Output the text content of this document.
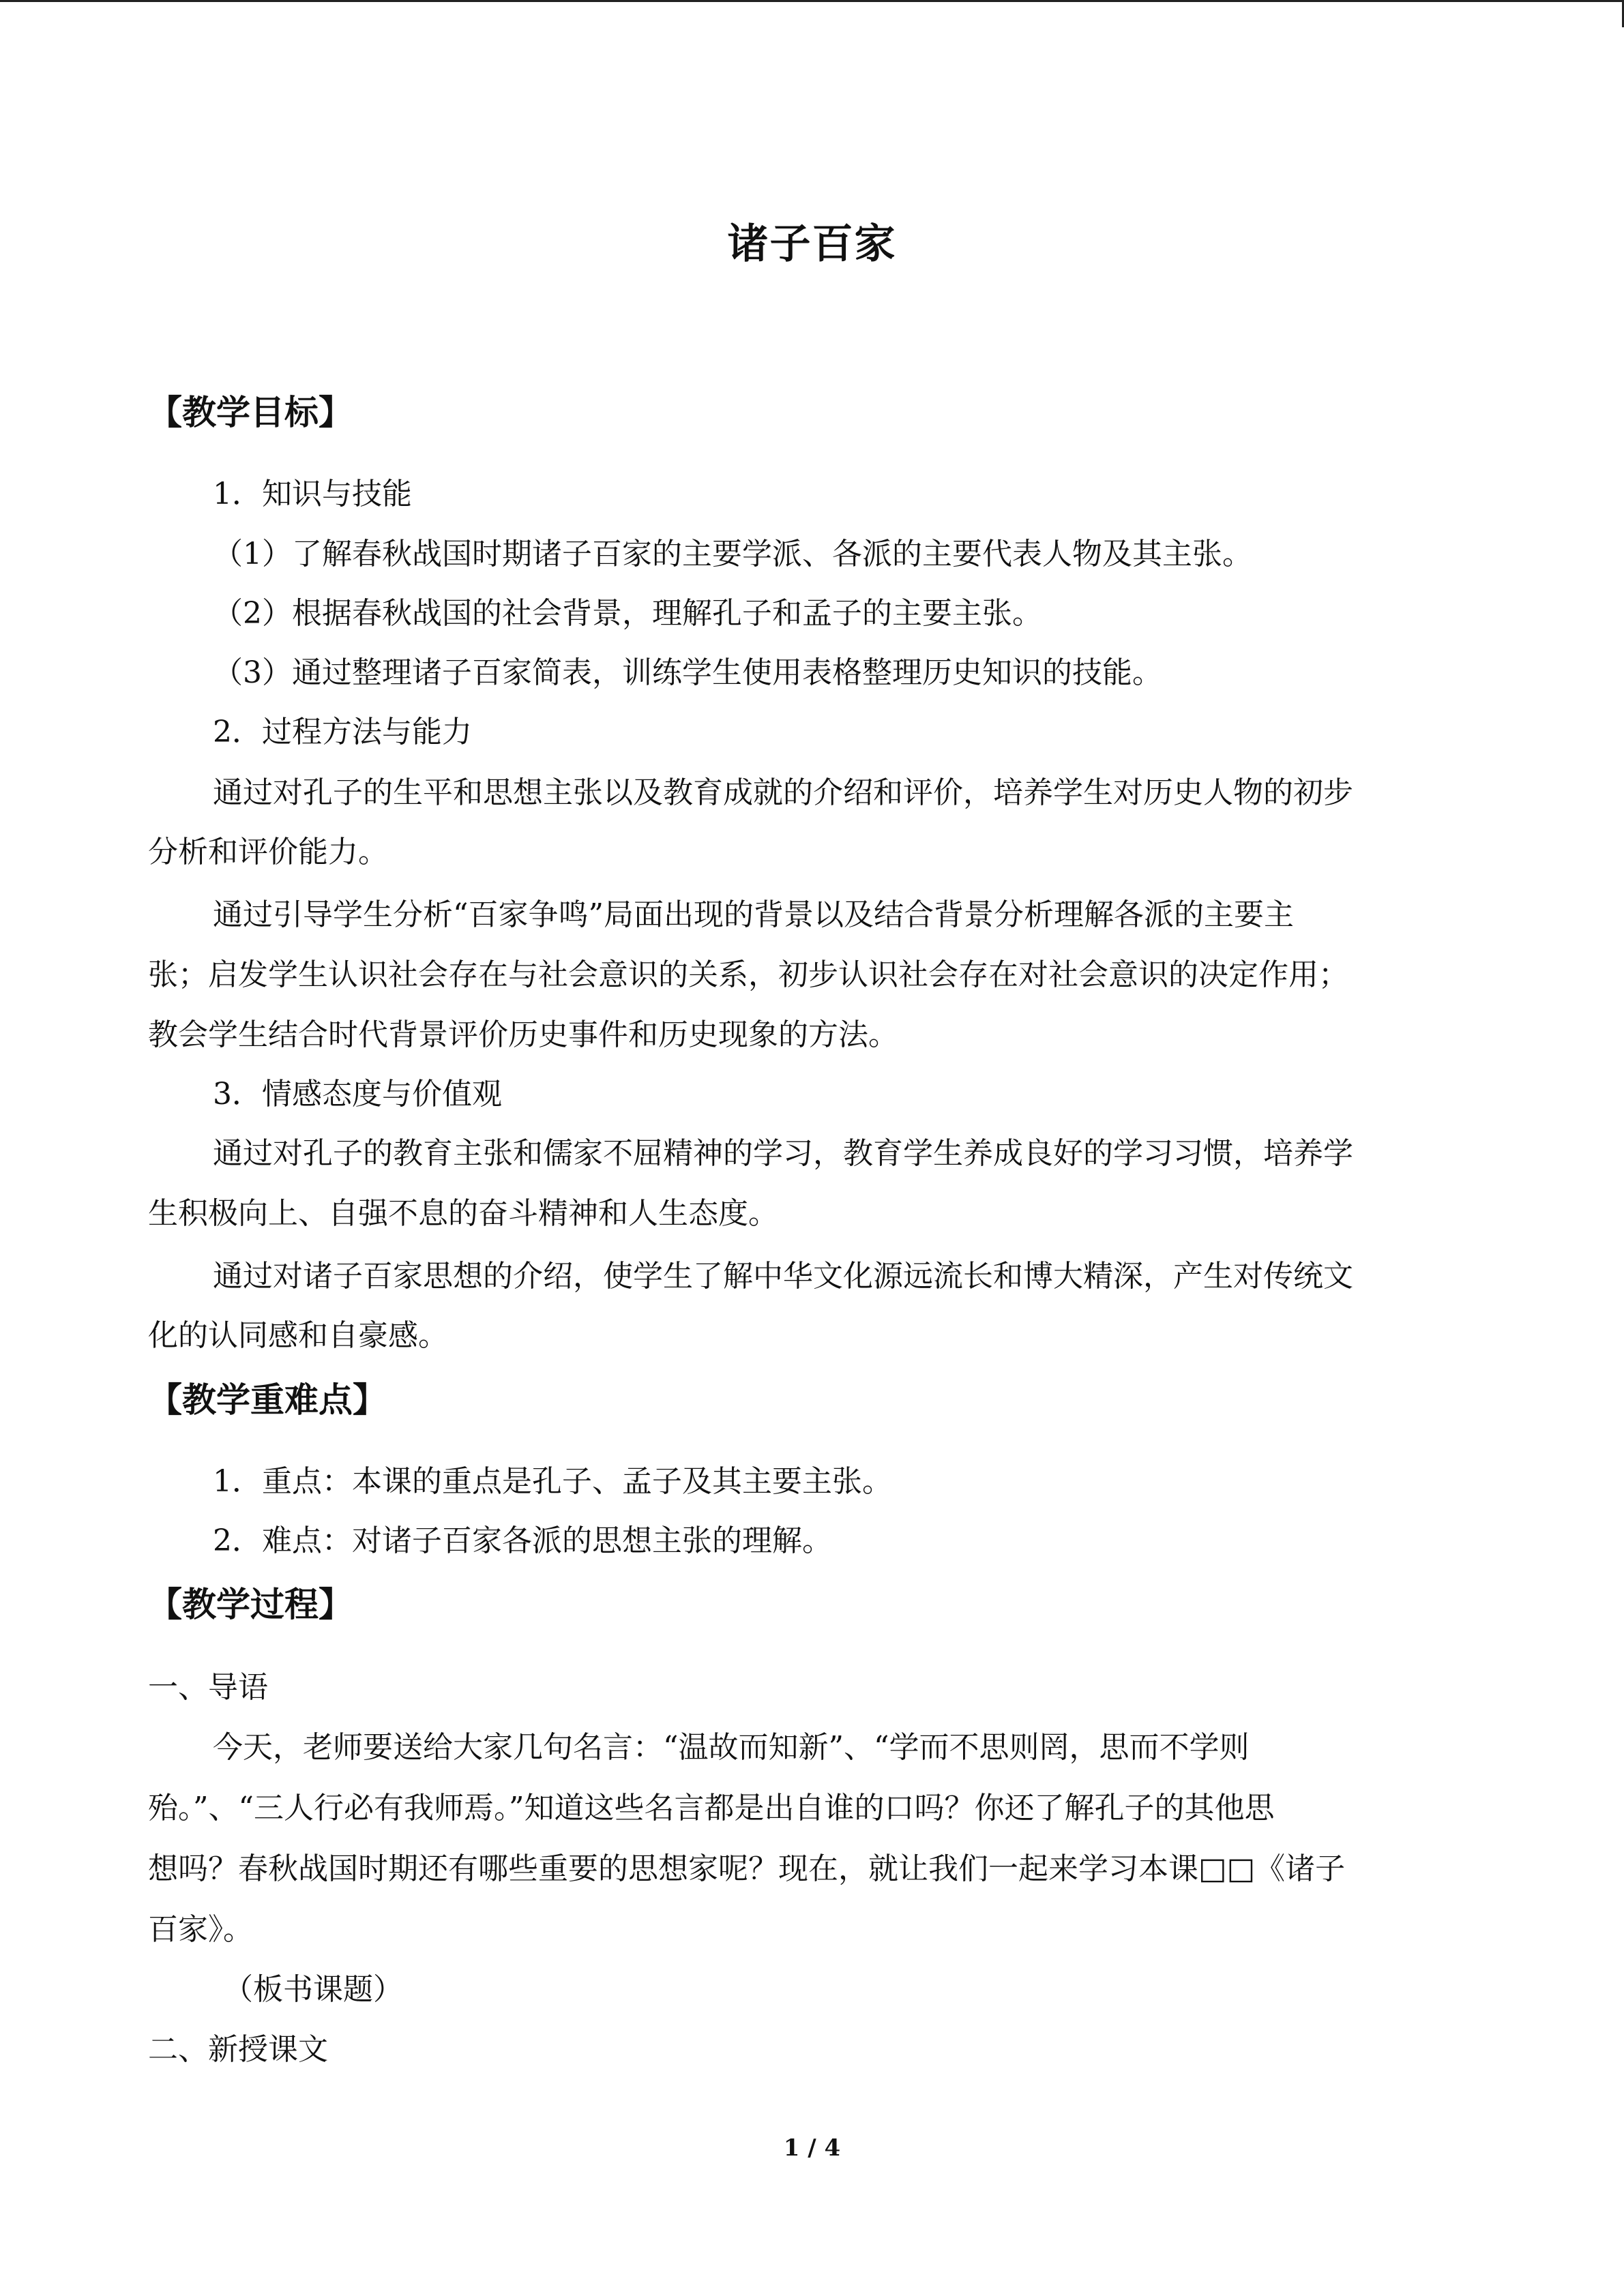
诸子百家
【教学目标】
1．知识与技能
（1）了解春秋战国时期诸子百家的主要学派、各派的主要代表人物及其主张。
（2）根据春秋战国的社会背景，理解孔子和孟子的主要主张。
（3）通过整理诸子百家简表，训练学生使用表格整理历史知识的技能。
2．过程方法与能力
通过对孔子的生平和思想主张以及教育成就的介绍和评价，培养学生对历史人物的初步
分析和评价能力。
通过引导学生分析“百家争鸣”局面出现的背景以及结合背景分析理解各派的主要主
张；启发学生认识社会存在与社会意识的关系，初步认识社会存在对社会意识的决定作用；
教会学生结合时代背景评价历史事件和历史现象的方法。
3．情感态度与价值观
通过对孔子的教育主张和儒家不屈精神的学习，教育学生养成良好的学习习惯，培养学
生积极向上、自强不息的奋斗精神和人生态度。
通过对诸子百家思想的介绍，使学生了解中华文化源远流长和博大精深，产生对传统文
化的认同感和自豪感。
【教学重难点】
1．重点：本课的重点是孔子、孟子及其主要主张。
2．难点：对诸子百家各派的思想主张的理解。
【教学过程】
一、导语
今天，老师要送给大家几句名言：“温故而知新”、“学而不思则罔，思而不学则
殆。”、“三人行必有我师焉。”知道这些名言都是出自谁的口吗？你还了解孔子的其他思
想吗？春秋战国时期还有哪些重要的思想家呢？现在，就让我们一起来学习本课□□《诸子
百家》。
（板书课题）
二、新授课文
1 / 4
